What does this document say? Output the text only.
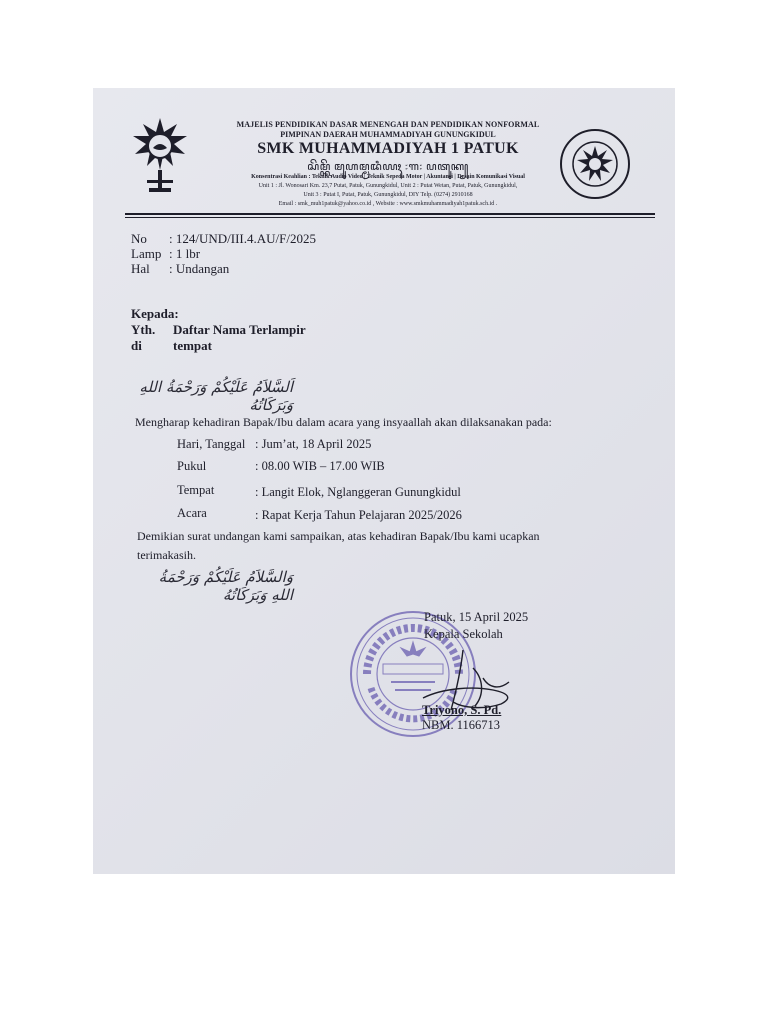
MAJELIS PENDIDIKAN DASAR MENENGAH DAN PENDIDIKAN NONFORMAL
PIMPINAN DAERAH MUHAMMADIYAH GUNUNGKIDUL
SMK MUHAMMADIYAH 1 PATUK
ꦱꦼꦩ꧀ꦏꦼ ꦩꦸꦲꦩ꧀ꦩꦢꦶꦪꦃ ꧇꧑꧇ ꦥꦠꦸꦏ꧀
Konsentrasi Keahlian : Teknik Audio Video | Teknik Sepeda Motor | Akuntansi | Desain Komunikasi Visual
Unit 1 : Jl. Wonosari Km. 23,7 Putat, Patuk, Gunungkidul, Unit 2 : Putat Wetan, Putat, Patuk, Gunungkidul,
Unit 3 : Putat I, Putat, Patuk, Gunungkidul, DIY Telp. (0274) 2910168
Email : smk_muh1patuk@yahoo.co.id , Website : www.smkmuhammadiyah1patuk.sch.id .
No : 124/UND/III.4.AU/F/2025
Lamp : 1 lbr
Hal : Undangan
Kepada:
Yth. Daftar Nama Terlampir
di tempat
اَلسَّلاَمُ عَلَيْكُمْ وَرَحْمَةُ اللهِ وَبَرَكَاتُهُ
Mengharap kehadiran Bapak/Ibu dalam acara yang insyaallah akan dilaksanakan pada:
Hari, Tanggal : Jum’at, 18 April 2025
Pukul	: 08.00 WIB – 17.00 WIB
Tempat	: Langit Elok, Nglanggeran Gunungkidul
Acara	: Rapat Kerja Tahun Pelajaran 2025/2026
Demikian surat undangan kami sampaikan, atas kehadiran Bapak/Ibu kami ucapkan
terimakasih.
وَالسَّلاَمُ عَلَيْكُمْ وَرَحْمَةُ اللهِ وَبَرَكَاتُهُ
Patuk, 15 April 2025
Kepala Sekolah
Triyono, S. Pd.
NBM. 1166713
